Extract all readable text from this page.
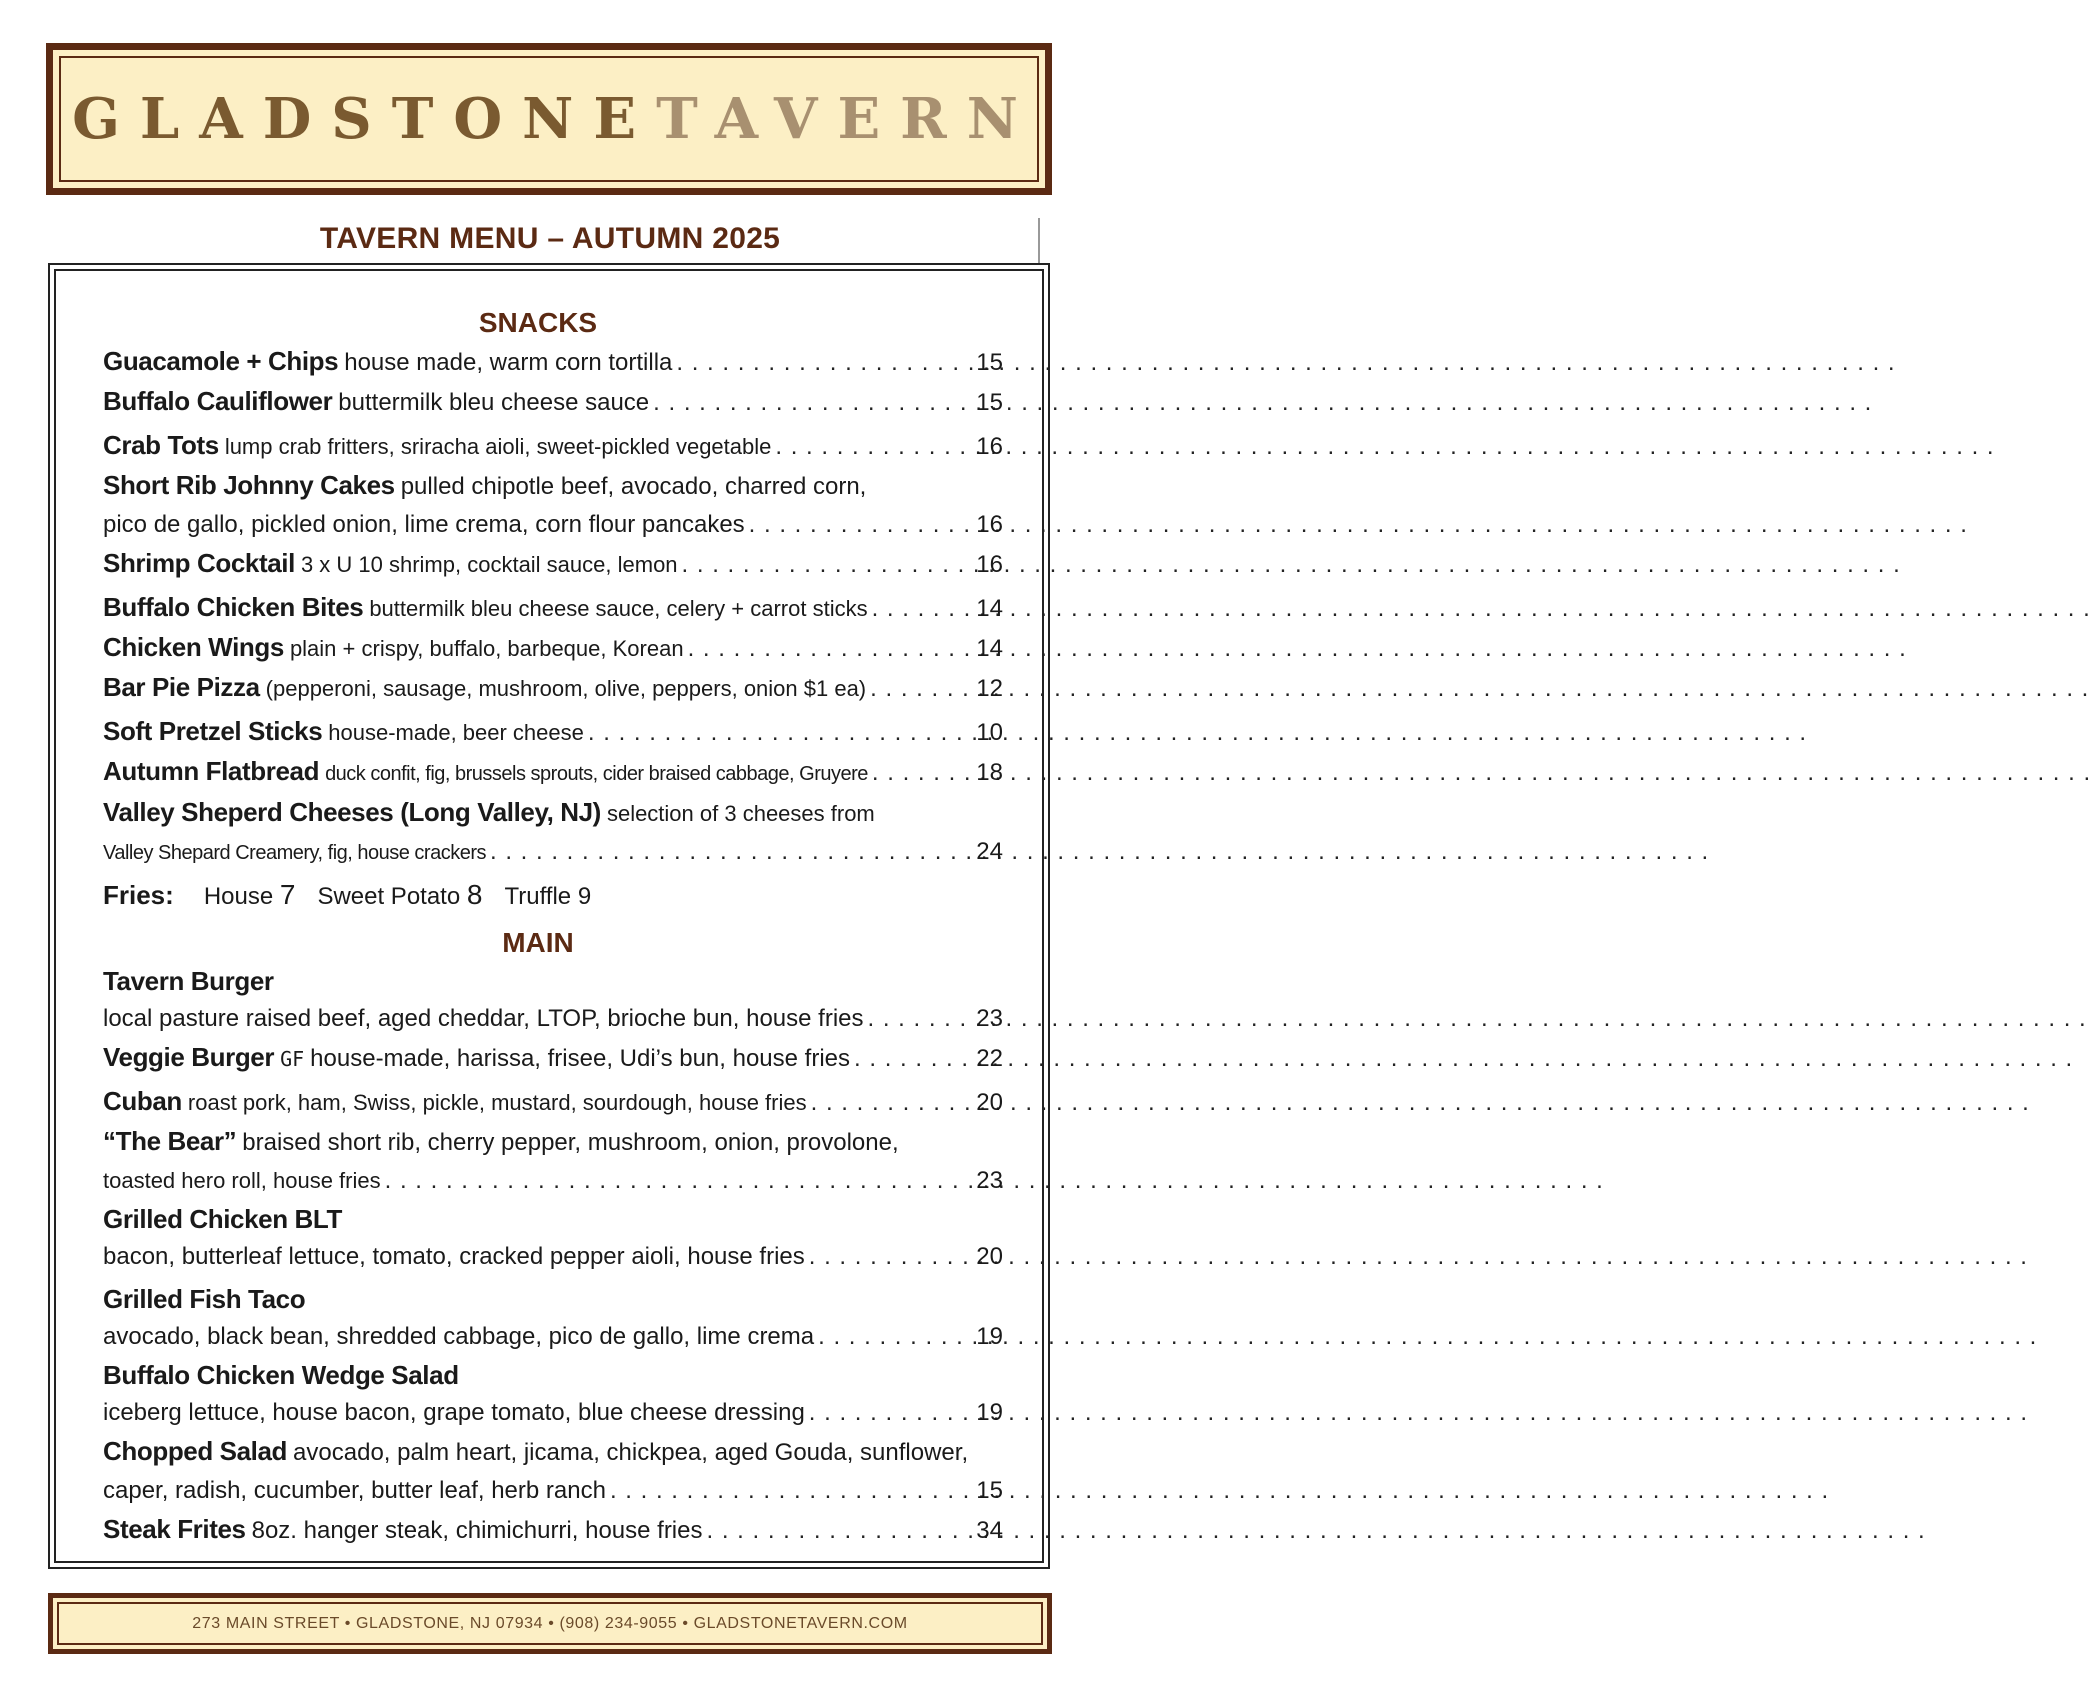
GLADSTONETAVERN
TAVERN MENU – AUTUMN 2025
SNACKS
Guacamole + Chips house made, warm corn tortilla . . .	15
Buffalo Cauliflower buttermilk bleu cheese sauce . . .	15
Crab Tots lump crab fritters, sriracha aioli, sweet-pickled vegetable . . .	16
Short Rib Johnny Cakes pulled chipotle beef, avocado, charred corn,
pico de gallo, pickled onion, lime crema, corn flour pancakes . . .	16
Shrimp Cocktail 3 x U 10 shrimp, cocktail sauce, lemon . . .	16
Buffalo Chicken Bites buttermilk bleu cheese sauce, celery + carrot sticks . . .	14
Chicken Wings plain + crispy, buffalo, barbeque, Korean . . .	14
Bar Pie Pizza (pepperoni, sausage, mushroom, olive, peppers, onion $1 ea) . . .	12
Soft Pretzel Sticks house-made, beer cheese . . .	10
Autumn Flatbread duck confit, fig, brussels sprouts, cider braised cabbage, Gruyere . . .	18
Valley Sheperd Cheeses (Long Valley, NJ) selection of 3 cheeses from
Valley Shepard Creamery, fig, house crackers . . .	24
Fries: House 7 Sweet Potato 8 Truffle 9
MAIN
Tavern Burger
local pasture raised beef, aged cheddar, LTOP, brioche bun, house fries . . .	23
Veggie Burger GF house-made, harissa, frisee, Udi’s bun, house fries . . .	22
Cuban roast pork, ham, Swiss, pickle, mustard, sourdough, house fries . . .	20
“The Bear” braised short rib, cherry pepper, mushroom, onion, provolone,
toasted hero roll, house fries . . .	23
Grilled Chicken BLT
bacon, butterleaf lettuce, tomato, cracked pepper aioli, house fries . . .	20
Grilled Fish Taco
avocado, black bean, shredded cabbage, pico de gallo, lime crema . . .	19
Buffalo Chicken Wedge Salad
iceberg lettuce, house bacon, grape tomato, blue cheese dressing . . .	19
Chopped Salad avocado, palm heart, jicama, chickpea, aged Gouda, sunflower,
caper, radish, cucumber, butter leaf, herb ranch . . .	15
Steak Frites 8oz. hanger steak, chimichurri, house fries . . .	34
273 MAIN STREET • GLADSTONE, NJ 07934 • (908) 234-9055 • GLADSTONETAVERN.COM
